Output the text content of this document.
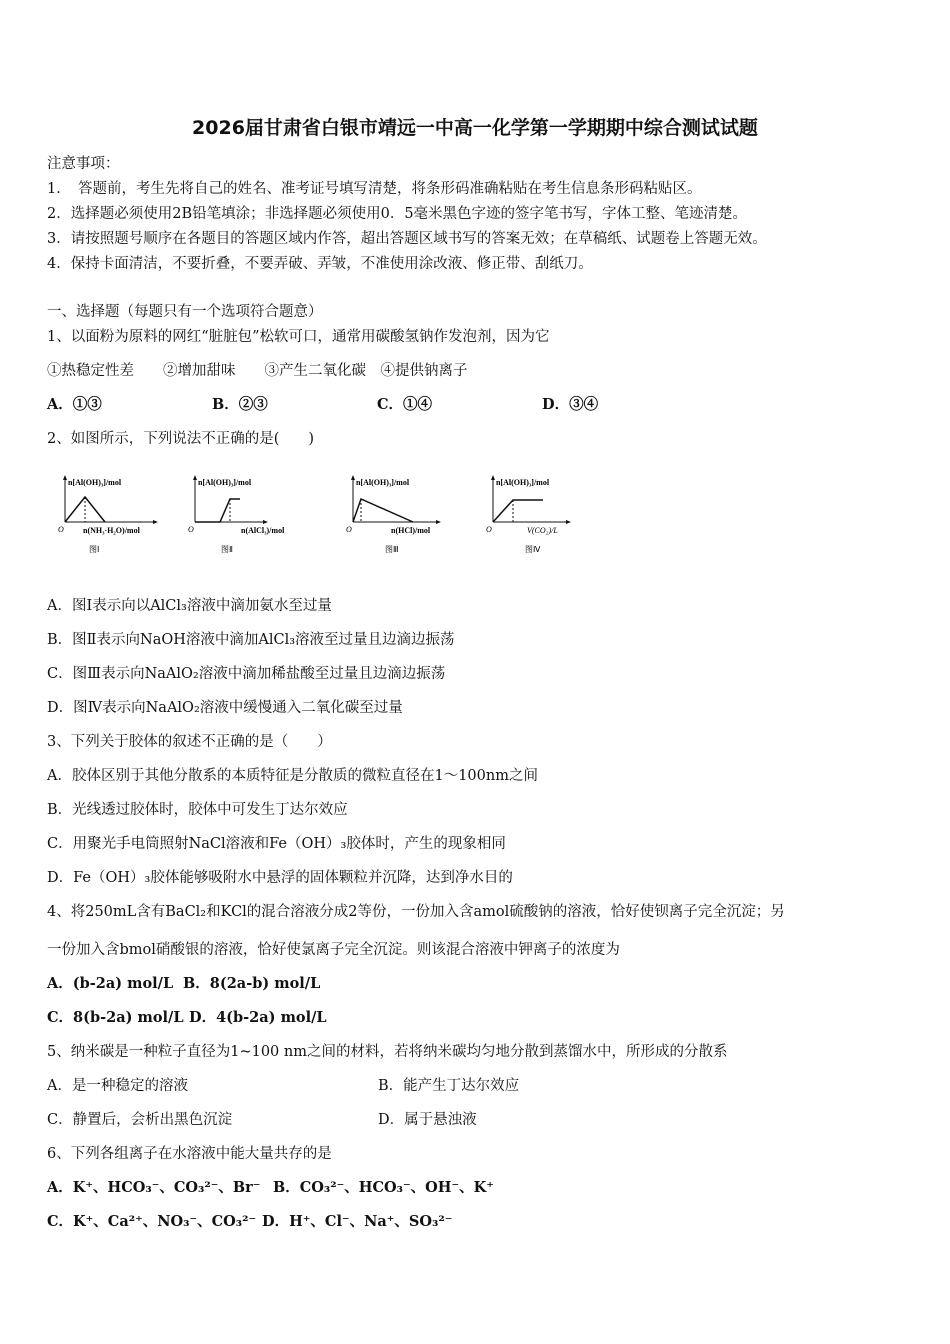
2026届甘肃省白银市靖远一中高一化学第一学期期中综合测试试题
注意事项：
1．　答题前，考生先将自己的姓名、准考证号填写清楚，将条形码准确粘贴在考生信息条形码粘贴区。
2．选择题必须使用2B铅笔填涂；非选择题必须使用0．5毫米黑色字迹的签字笔书写，字体工整、笔迹清楚。
3．请按照题号顺序在各题目的答题区域内作答，超出答题区域书写的答案无效；在草稿纸、试题卷上答题无效。
4．保持卡面清洁，不要折叠，不要弄破、弄皱，不准使用涂改液、修正带、刮纸刀。
一、选择题（每题只有一个选项符合题意）
1、以面粉为原料的网红“脏脏包”松软可口，通常用碳酸氢钠作发泡剂，因为它
①热稳定性差　　②增加甜味　　③产生二氧化碳　④提供钠离子
A．①③	B．②③	C．①④	D．③④
2、如图所示，下列说法不正确的是(　　)
n[Al(OH)₃]/mol
O n(NH₃·H₂O)/mol
图Ⅰ
n[Al(OH)₃]/mol
O	n(AlCl₃)/mol
图Ⅱ
n[Al(OH)₃]/mol
O	n(HCl)/mol
图Ⅲ
n[Al(OH)₃]/mol
O	V(CO₂)/L
图Ⅳ
A．图Ⅰ表示向以AlCl₃溶液中滴加氨水至过量
B．图Ⅱ表示向NaOH溶液中滴加AlCl₃溶液至过量且边滴边振荡
C．图Ⅲ表示向NaAlO₂溶液中滴加稀盐酸至过量且边滴边振荡
D．图Ⅳ表示向NaAlO₂溶液中缓慢通入二氧化碳至过量
3、下列关于胶体的叙述不正确的是（　　）
A．胶体区别于其他分散系的本质特征是分散质的微粒直径在1～100nm之间
B．光线透过胶体时，胶体中可发生丁达尔效应
C．用聚光手电筒照射NaCl溶液和Fe（OH）₃胶体时，产生的现象相同
D．Fe（OH）₃胶体能够吸附水中悬浮的固体颗粒并沉降，达到净水目的
4、将250mL含有BaCl₂和KCl的混合溶液分成2等份，一份加入含amol硫酸钠的溶液，恰好使钡离子完全沉淀；另
一份加入含bmol硝酸银的溶液，恰好使氯离子完全沉淀。则该混合溶液中钾离子的浓度为
A．(b-2a) mol/L B．8(2a-b) mol/L
C．8(b-2a) mol/L D．4(b-2a) mol/L
5、纳米碳是一种粒子直径为1~100 nm之间的材料，若将纳米碳均匀地分散到蒸馏水中，所形成的分散系
A．是一种稳定的溶液	B．能产生丁达尔效应
C．静置后，会析出黑色沉淀	D．属于悬浊液
6、下列各组离子在水溶液中能大量共存的是
A．K⁺、HCO₃⁻、CO₃²⁻、Br⁻ B．CO₃²⁻、HCO₃⁻、OH⁻、K⁺
C．K⁺、Ca²⁺、NO₃⁻、CO₃²⁻ D．H⁺、Cl⁻、Na⁺、SO₃²⁻
